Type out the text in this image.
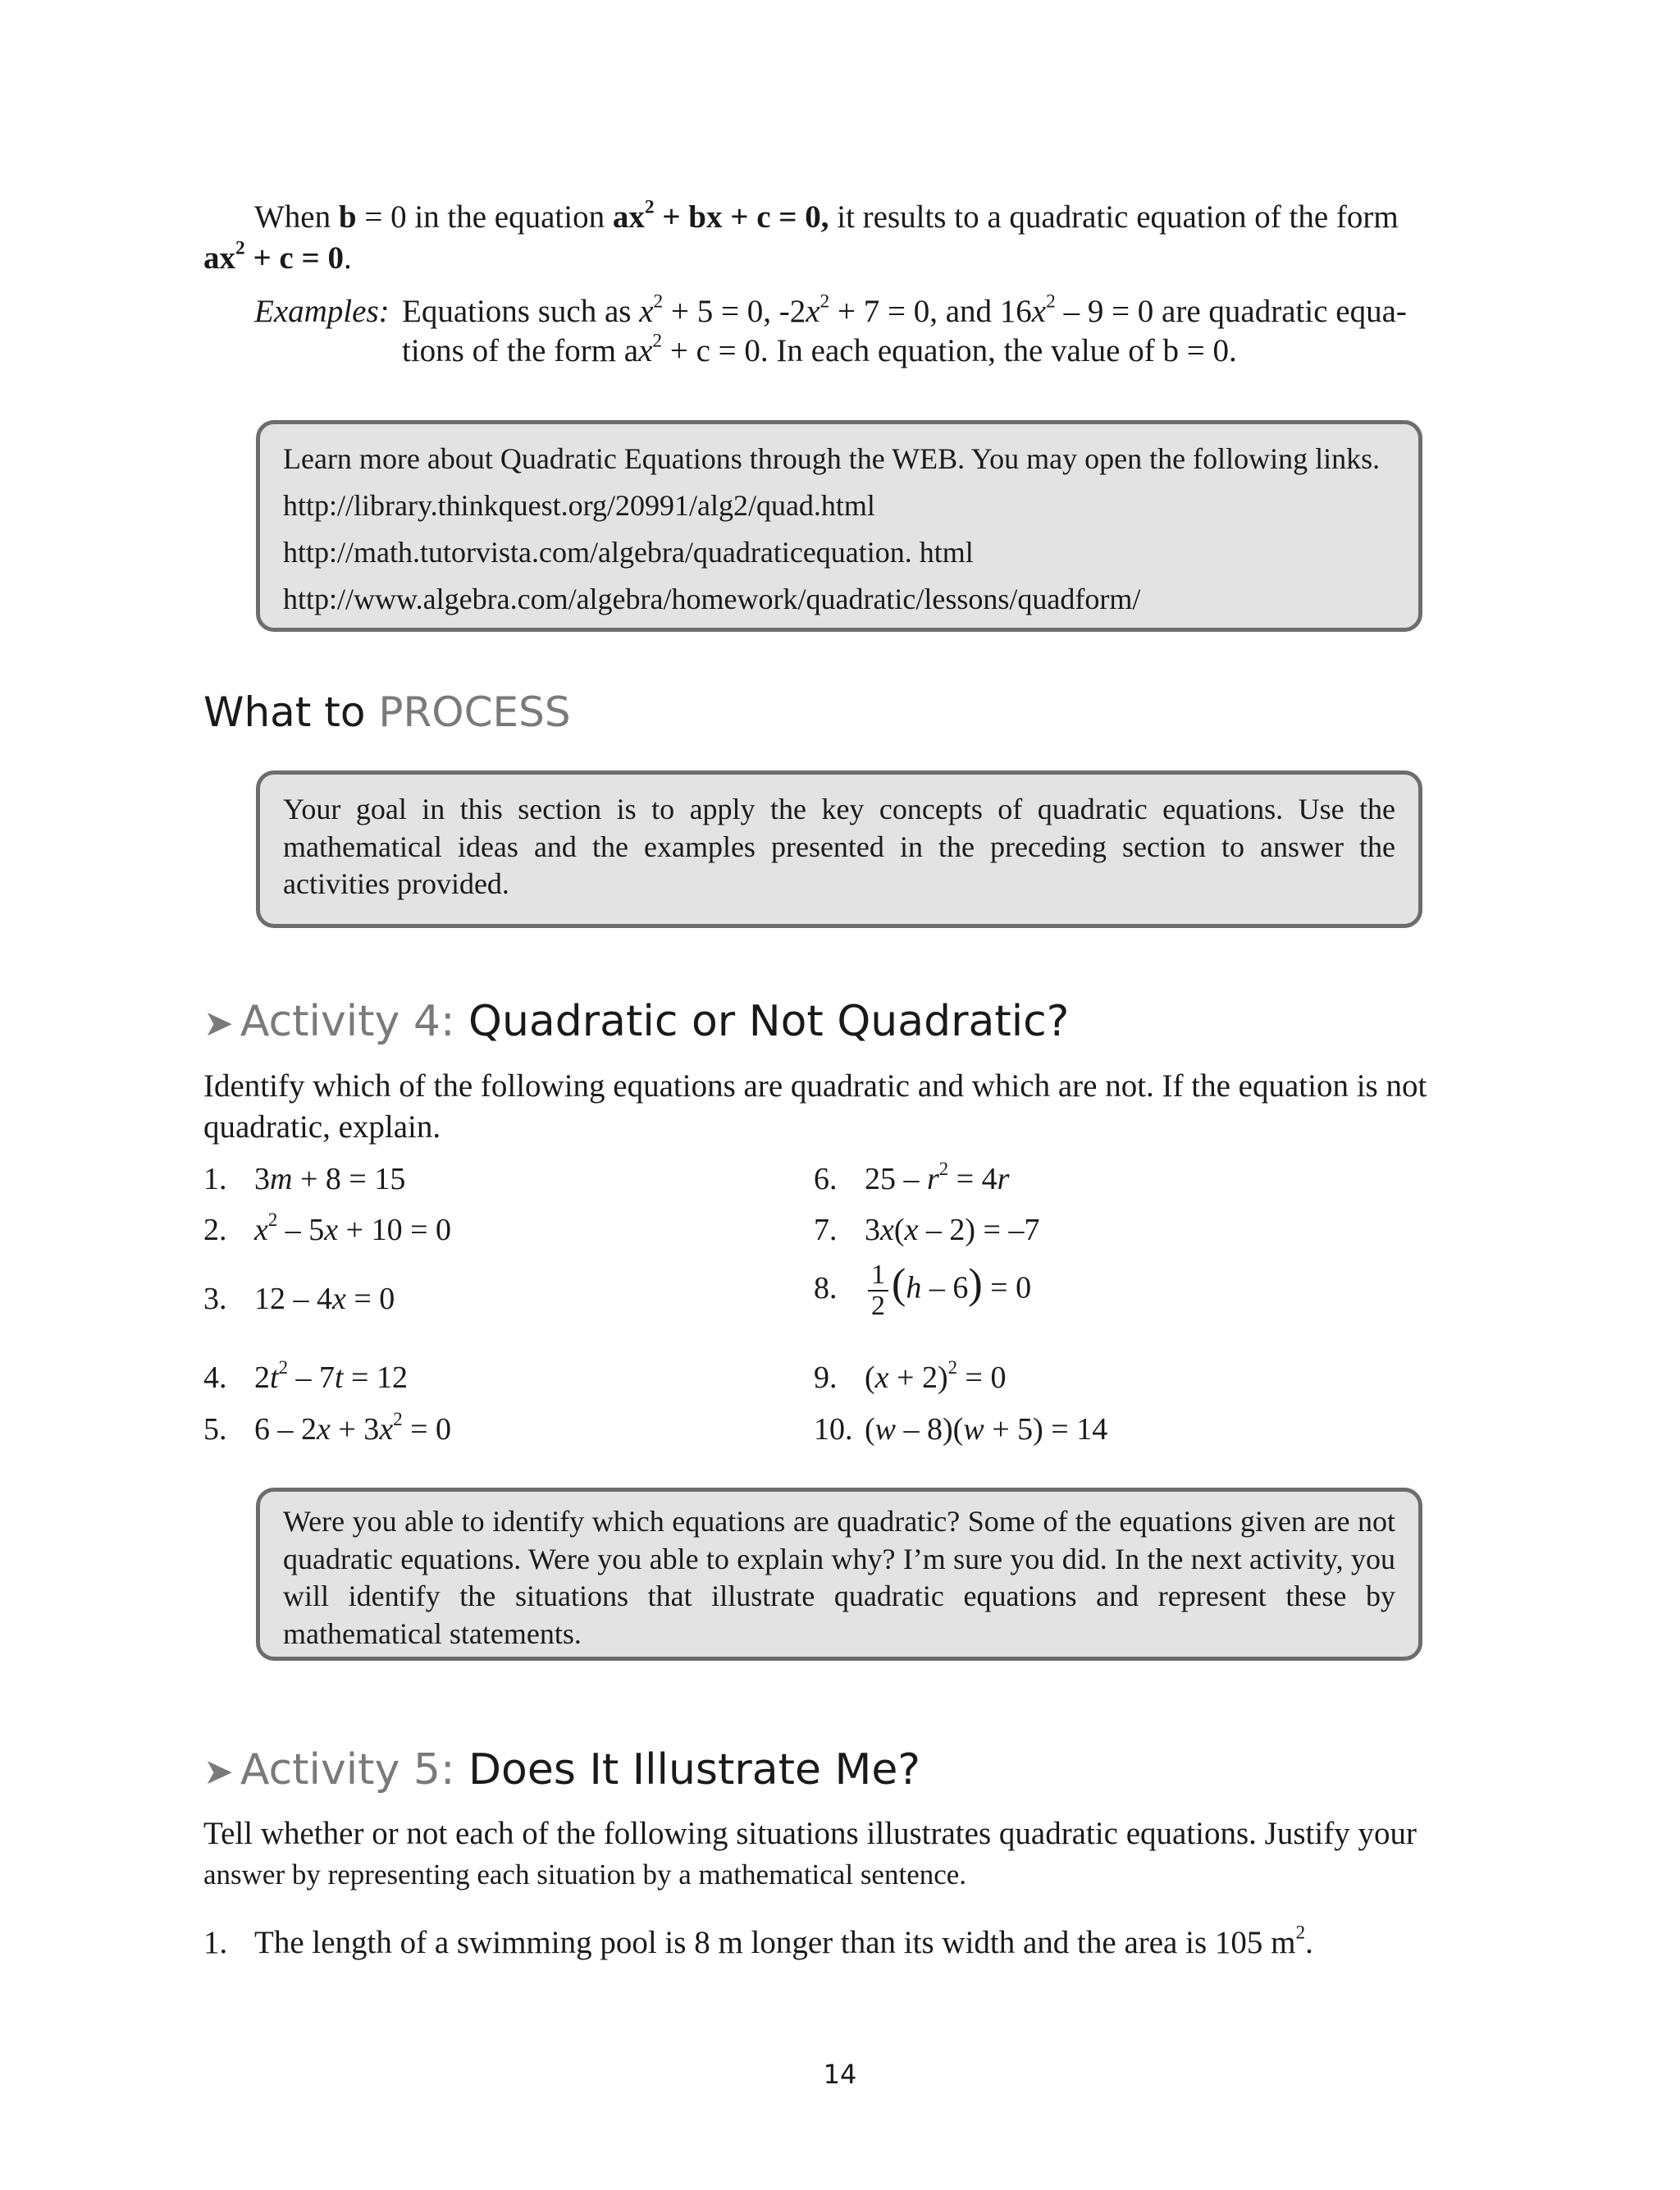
When b = 0 in the equation $ax^2$ + bx + c = 0, it results to a quadratic equation of the form
$ax^2 + c = 0$.
Examples: Equations such as $x^2 + 5 = 0$, $-2x^2 + 7 = 0$, and $16x^2 - 9 = 0$ are quadratic equa-
tions of the form $ax^2 + c = 0$. In each equation, the value of b = 0.
Learn more about Quadratic Equations through the WEB. You may open the following links.
http://library.thinkquest.org/20991/alg2/quad.html
http://math.tutorvista.com/algebra/quadraticequation. html
http://www.algebra.com/algebra/homework/quadratic/lessons/quadform/
What to PROCESS
Your goal in this section is to apply the key concepts of quadratic equations. Use the mathematical ideas and the examples presented in the preceding section to answer the activities provided.
➤ Activity 4: Quadratic or Not Quadratic?
Identify which of the following equations are quadratic and which are not. If the equation is not quadratic, explain.
1. 3m + 8 = 15
2. $x^2 - 5x + 10 = 0$
3. 12 – 4x = 0
4. $2t^2 - 7t = 12$
5. $6 - 2x + 3x^2 = 0$
6. $25 - r^2 = 4r$
7. 3x(x – 2) = –7
8. $\frac{1}{2} (h - 6) = 0$
9. $(x + 2)^2 = 0$
10. (w – 8)(w + 5) = 14
Were you able to identify which equations are quadratic? Some of the equations given are not quadratic equations. Were you able to explain why? I’m sure you did. In the next activity, you will identify the situations that illustrate quadratic equations and represent these by mathematical statements.
➤ Activity 5: Does It Illustrate Me?
Tell whether or not each of the following situations illustrates quadratic equations. Justify your
answer by representing each situation by a mathematical sentence.
1. The length of a swimming pool is 8 m longer than its width and the area is 105 $m^2$.
14
